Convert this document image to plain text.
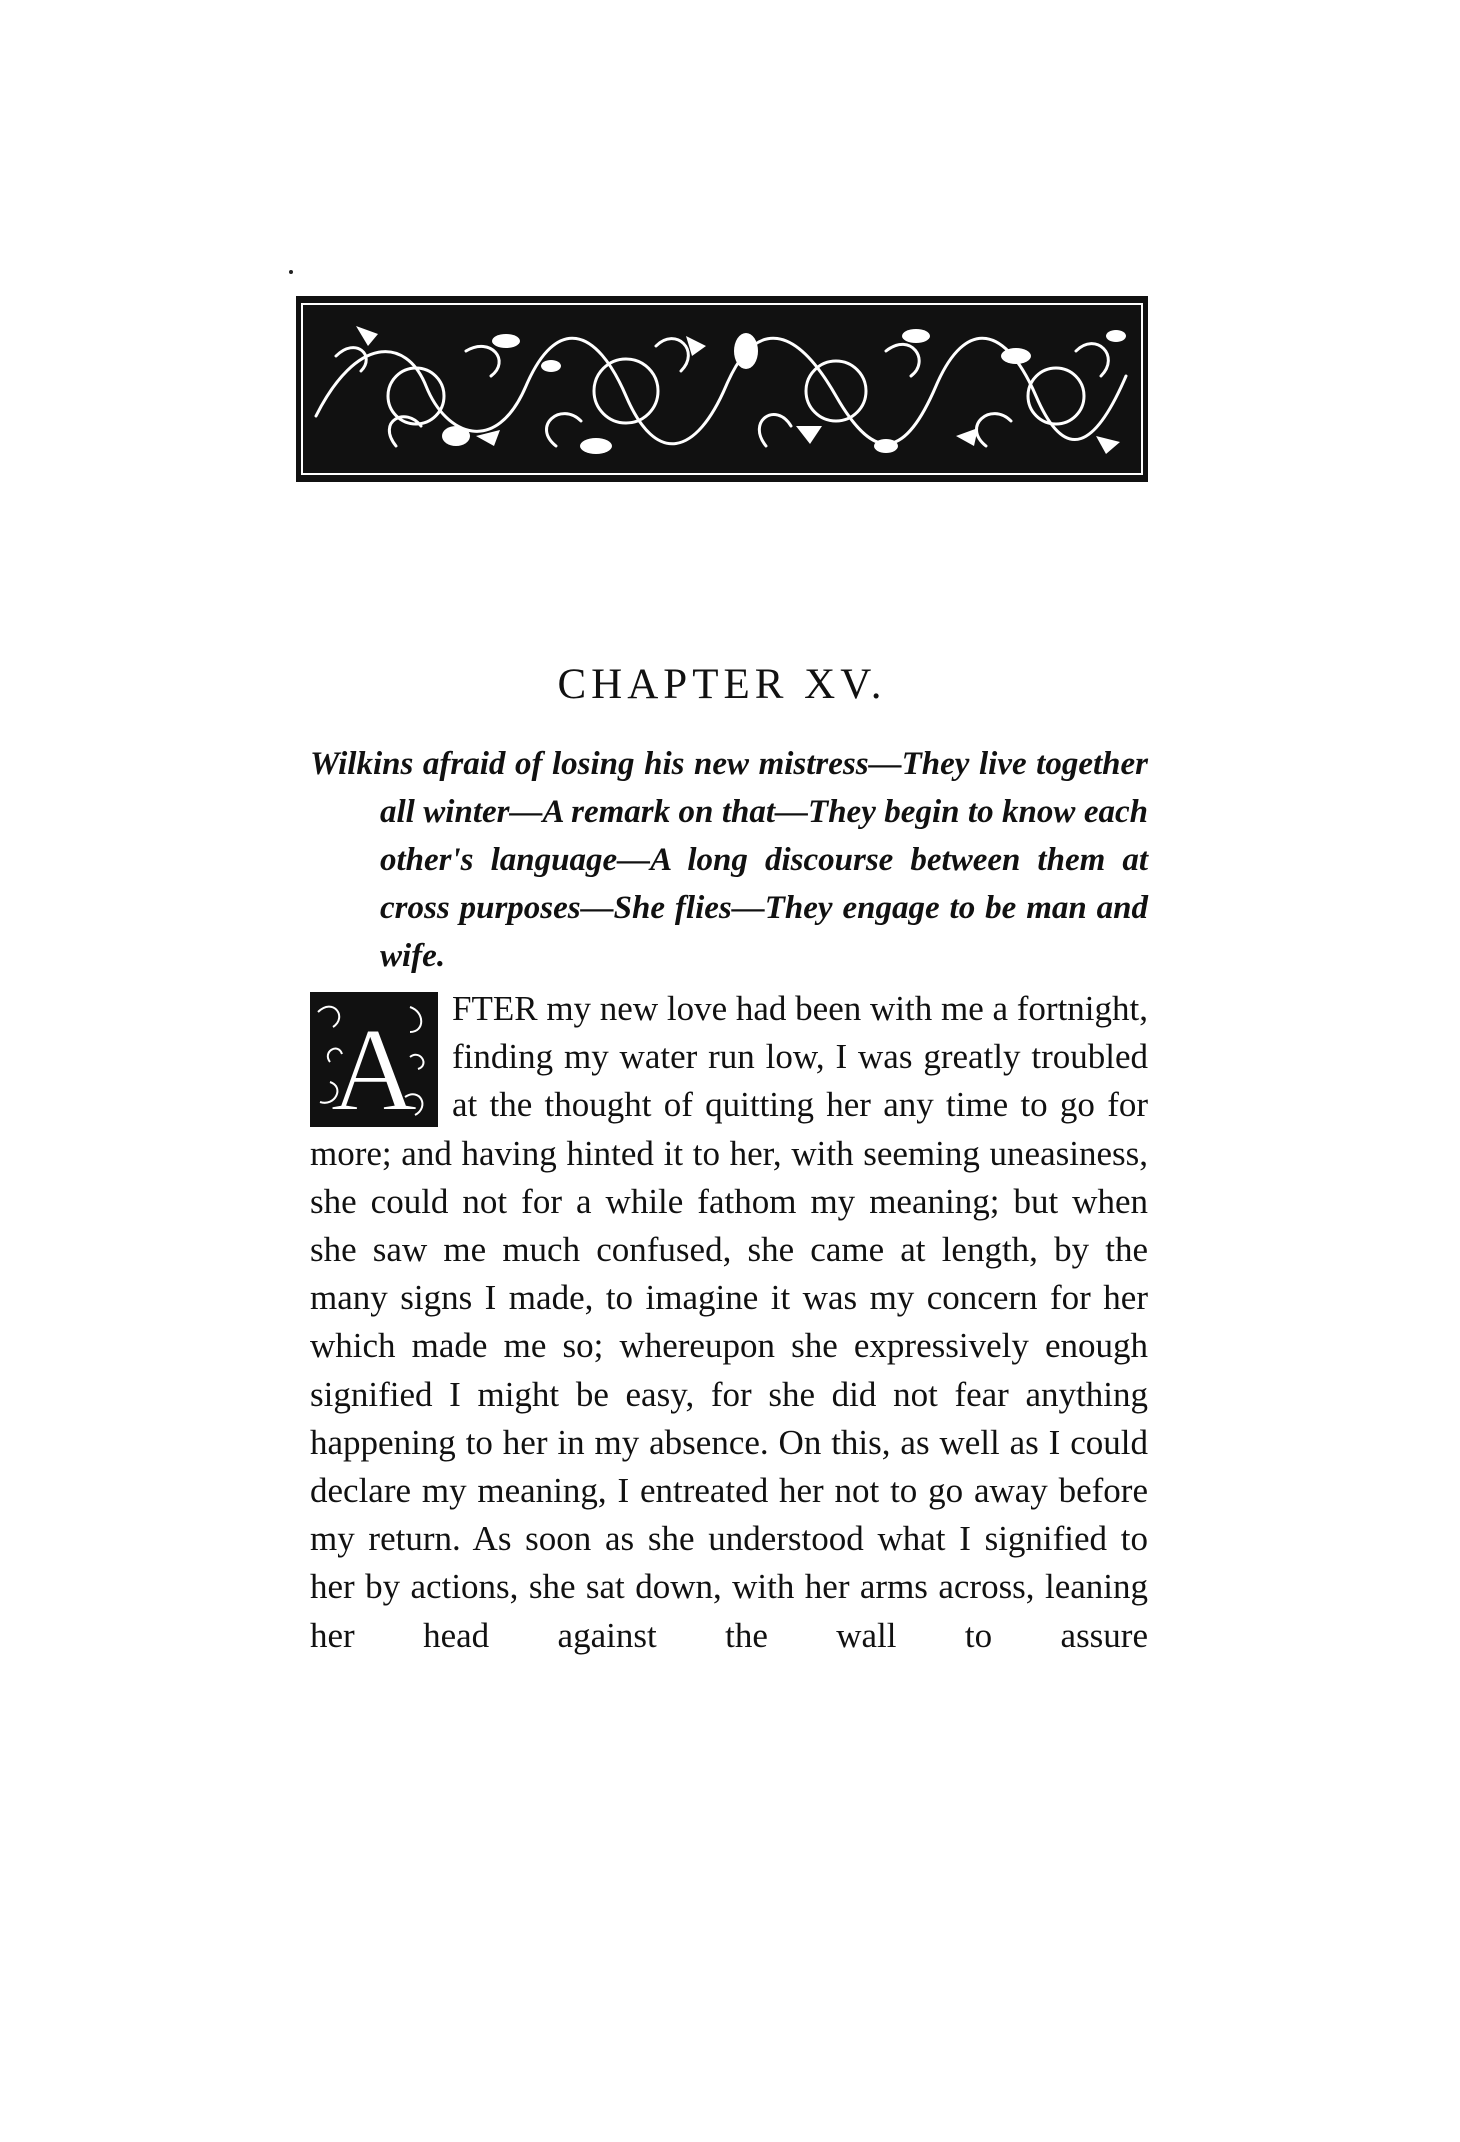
CHAPTER XV.

Wilkins afraid of losing his new mistress—They live together all winter—A remark on that—They begin to know each other's language—A long discourse between them at cross purposes—She flies—They engage to be man and wife.

A FTER my new love had been with me a fortnight, finding my water run low, I was greatly troubled at the thought of quitting her any time to go for more; and having hinted it to her, with seeming uneasiness, she could not for a while fathom my meaning; but when she saw me much confused, she came at length, by the many signs I made, to imagine it was my concern for her which made me so; whereupon she expressively enough signified I might be easy, for she did not fear anything happening to her in my absence. On this, as well as I could declare my meaning, I entreated her not to go away before my return. As soon as she understood what I signified to her by actions, she sat down, with her arms across, leaning her head against the wall to assure
